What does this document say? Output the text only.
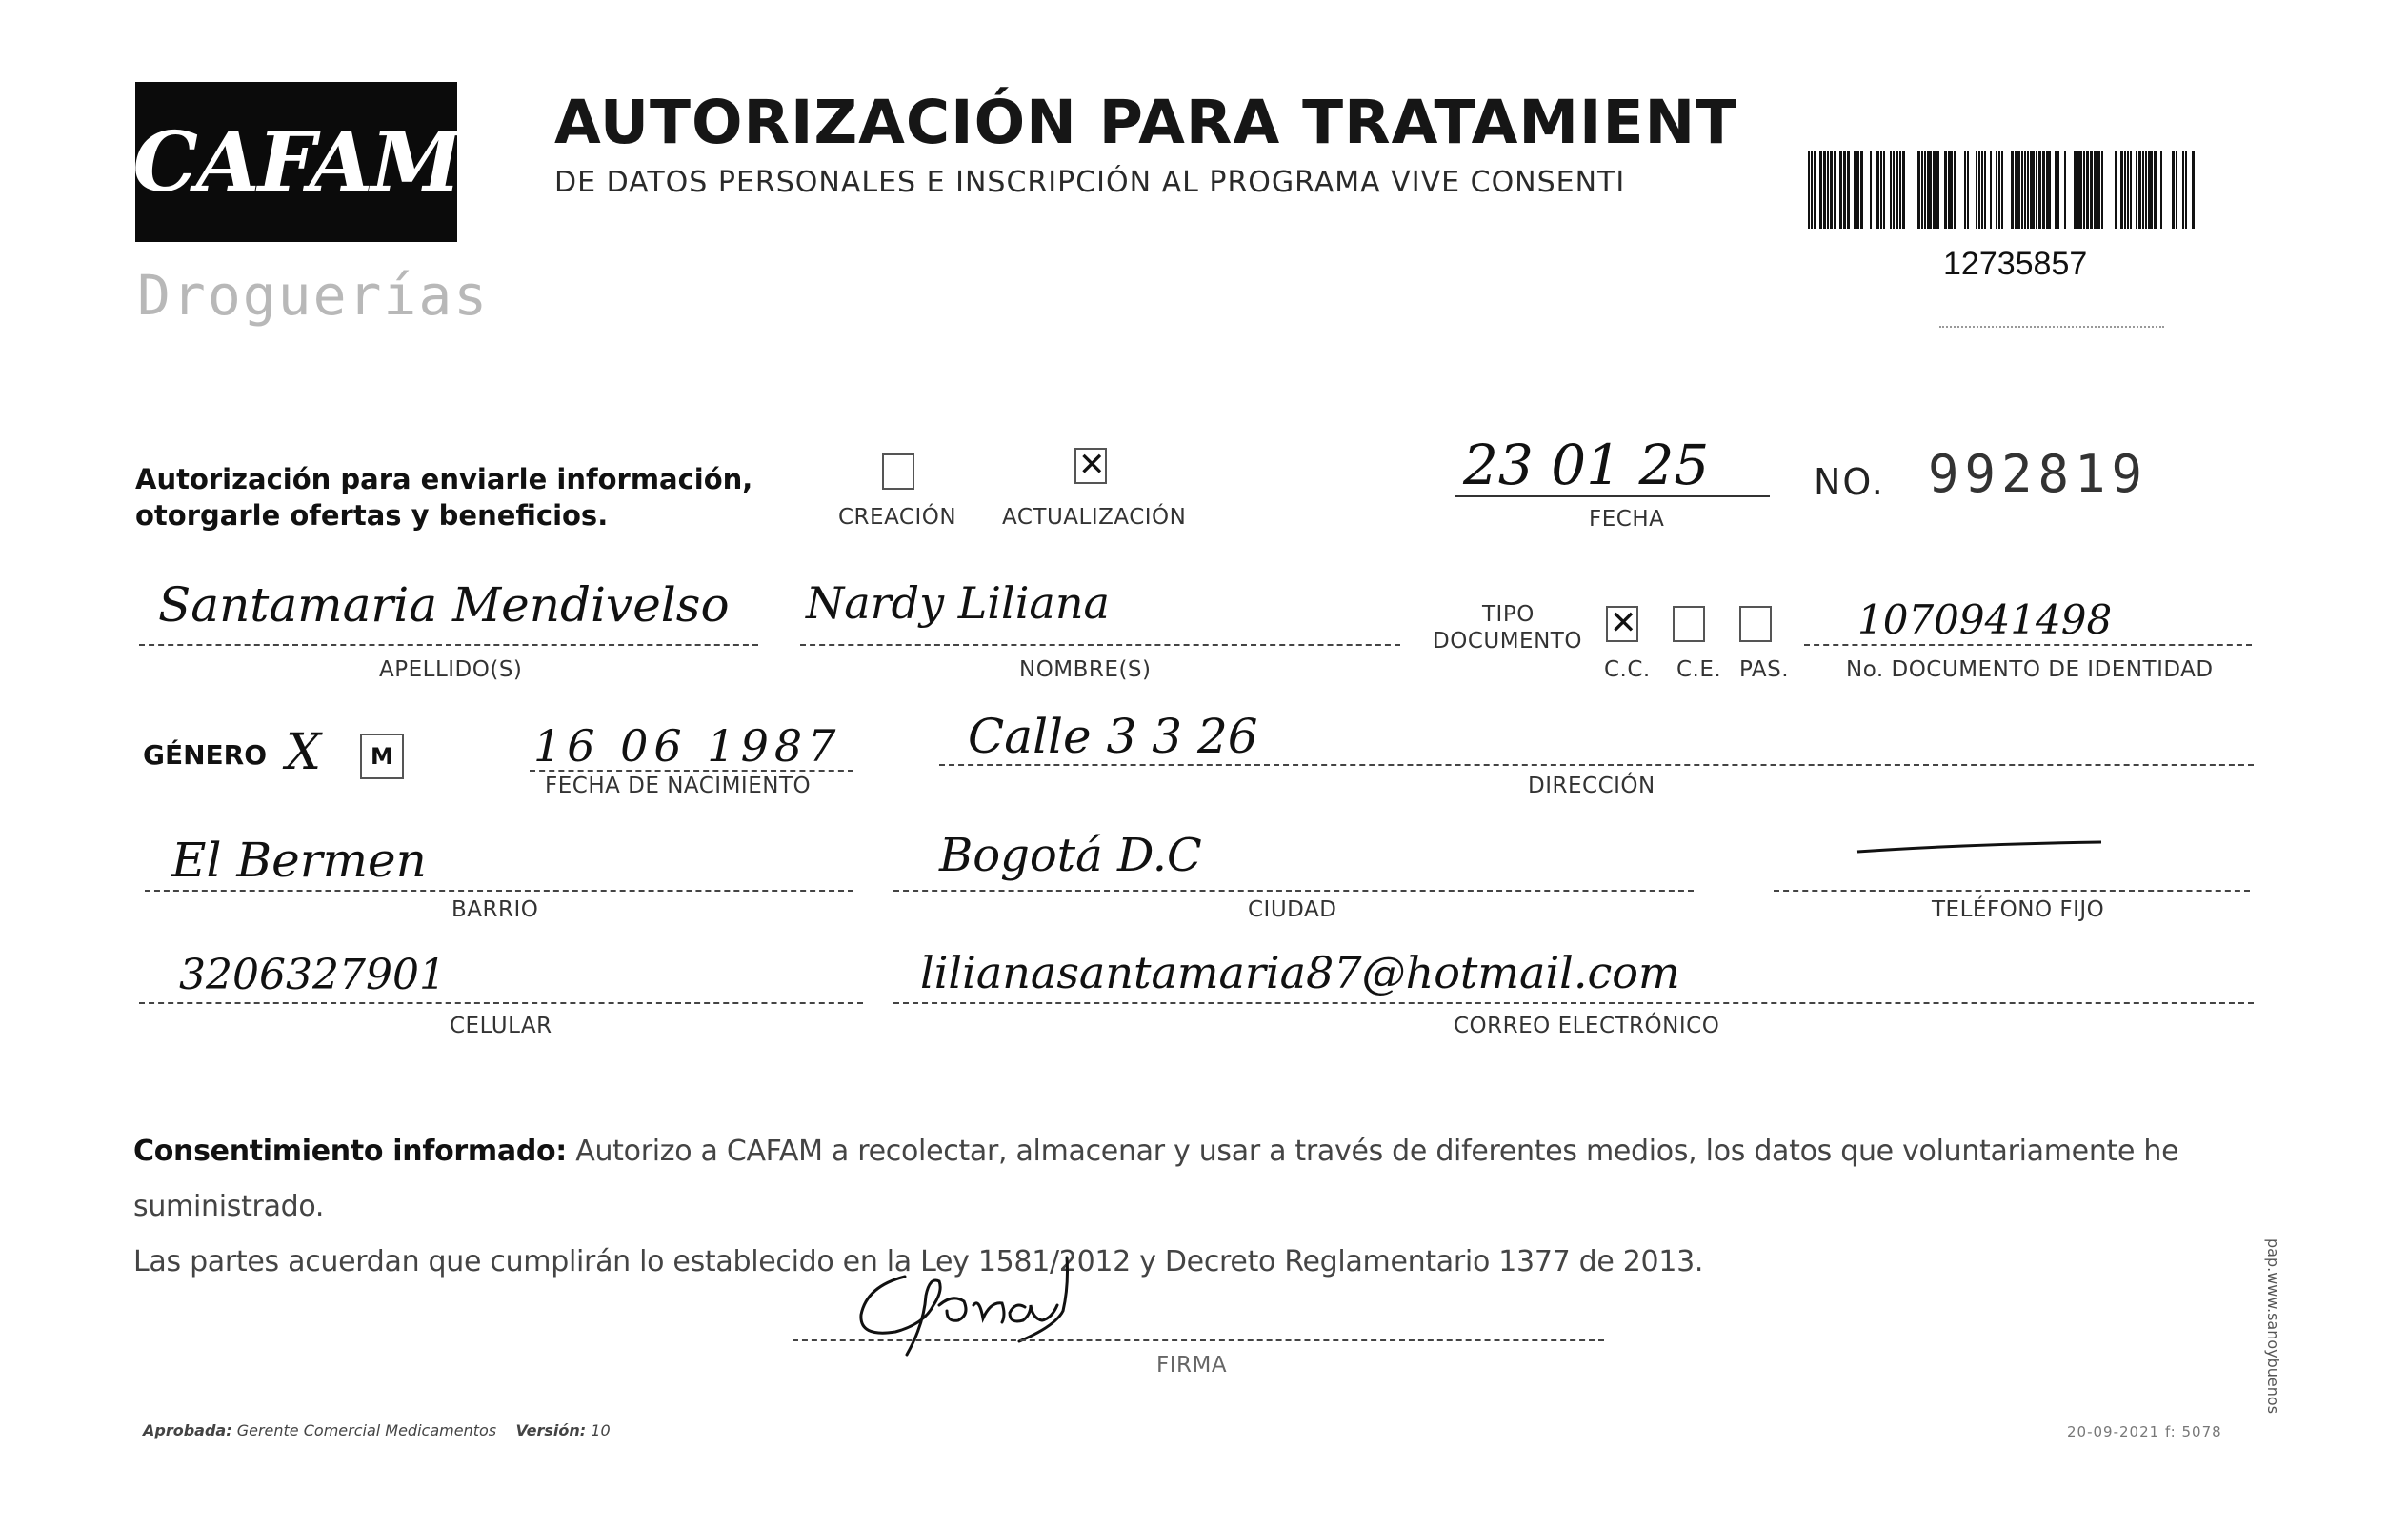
CAFAM
Droguerías
AUTORIZACIÓN PARA TRATAMIENT
DE DATOS PERSONALES E INSCRIPCIÓN AL PROGRAMA VIVE CONSENTI
12735857
Autorización para enviarle información,
otorgarle ofertas y beneficios.	CREACIÓN
✕ ACTUALIZACIÓN
23 01 25
FECHA
NO. 992819
Santamaria Mendivelso
APELLIDO(S)
Nardy Liliana
NOMBRE(S)
TIPO
DOCUMENTO
✕
C.C. C.E. PAS.
1070941498
No. DOCUMENTO DE IDENTIDAD
GÉNERO X M	16 06 1987
FECHA DE NACIMIENTO
Calle 3 3 26
DIRECCIÓN
El Bermen
BARRIO
Bogotá D.C
CIUDAD	TELÉFONO FIJO
3206327901
CELULAR
lilianasantamaria87@hotmail.com
CORREO ELECTRÓNICO
Consentimiento informado: Autorizo a CAFAM a recolectar, almacenar y usar a través de diferentes medios, los datos que voluntariamente he suministrado.
Las partes acuerdan que cumplirán lo establecido en la Ley 1581/2012 y Decreto Reglamentario 1377 de 2013.
FIRMA
Aprobada: Gerente Comercial Medicamentos Versión: 10	20-09-2021 f: 5078
pap.www.sanoybuenos
